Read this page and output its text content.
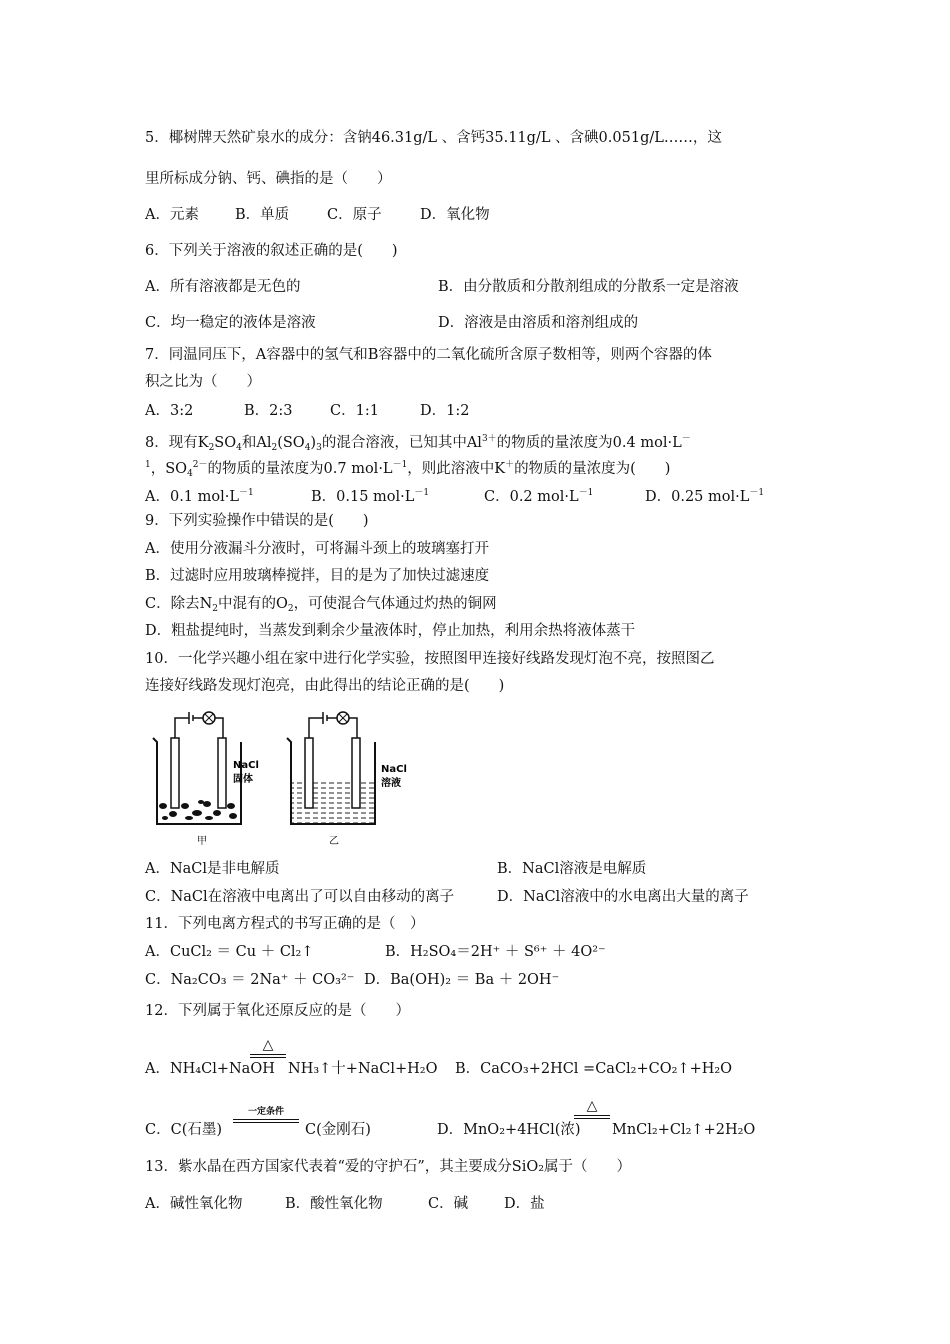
5．椰树牌天然矿泉水的成分：含钠46.31g/L 、含钙35.11g/L 、含碘0.051g/L……，这
里所标成分钠、钙、碘指的是（　　）
A．元素 B．单质	C．原子	D．氧化物
6．下列关于溶液的叙述正确的是(　　)
A．所有溶液都是无色的	B．由分散质和分散剂组成的分散系一定是溶液
C．均一稳定的液体是溶液	D．溶液是由溶质和溶剂组成的
7．同温同压下，A容器中的氢气和B容器中的二氧化硫所含原子数相等，则两个容器的体
积之比为（　　）
A．3:2	B．2:3	C．1:1	D．1:2
8．现有$K_2SO_4$和$Al_2(SO_4)_3$的混合溶液，已知其中$Al^{3+}$的物质的量浓度为0.4 mol·L－
$^1$，$SO_4^{2-}$的物质的量浓度为0.7 $mol\cdot L^{-1}$，则此溶液中K＋的物质的量浓度为(　　)
A．0.1 $mol\cdot L^{-1}$	B．0.15 $mol\cdot L^{-1}$	C．0.2 $mol\cdot L^{-1}$	D．0.25 $mol\cdot L^{-1}$
9．下列实验操作中错误的是(　　)
A．使用分液漏斗分液时，可将漏斗颈上的玻璃塞打开
B．过滤时应用玻璃棒搅拌，目的是为了加快过滤速度
C．除去$N_2$中混有的$O_2$，可使混合气体通过灼热的铜网
D．粗盐提纯时，当蒸发到剩余少量液体时，停止加热，利用余热将液体蒸干
10．一化学兴趣小组在家中进行化学实验，按照图甲连接好线路发现灯泡不亮，按照图乙
连接好线路发现灯泡亮，由此得出的结论正确的是(　　)
NaCl
固体
甲
NaCl
溶液
乙
A．NaCl是非电解质	B．NaCl溶液是电解质
C．NaCl在溶液中电离出了可以自由移动的离子	D．NaCl溶液中的水电离出大量的离子
11．下列电离方程式的书写正确的是（　）
A．CuCl₂ ＝ Cu ＋ Cl₂↑	B．H₂SO₄＝2H⁺ ＋ S⁶⁺ ＋ 4O²⁻
C．Na₂CO₃ ＝ 2Na⁺ ＋ CO₃²⁻ D．Ba(OH)₂ ＝ Ba ＋ 2OH⁻
12．下列属于氧化还原反应的是（　　）
A．NH₄Cl+NaOH
△
NH₃↑十+NaCl+H₂O B．CaCO₃+2HCl =CaCl₂+CO₂↑+H₂O
C．C(石墨)
一定条件
C(金刚石)	D．MnO₂+4HCl(浓)
△
MnCl₂+Cl₂↑+2H₂O
13．紫水晶在西方国家代表着“爱的守护石”，其主要成分SiO₂属于（　　）
A．碱性氧化物	B．酸性氧化物	C．碱 D．盐
